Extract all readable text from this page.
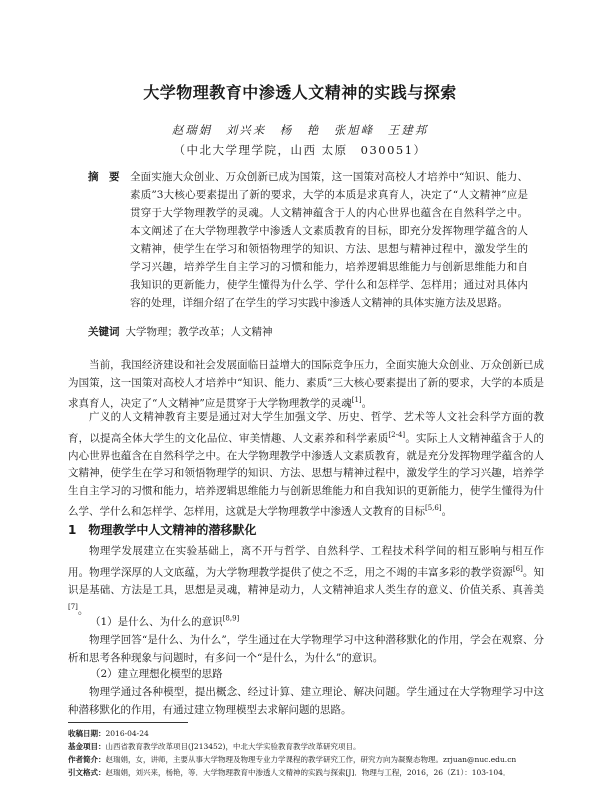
大学物理教育中渗透人文精神的实践与探索
赵瑞娟　刘兴来　杨　艳　张旭峰　王建邦
（中北大学理学院，山西 太原　030051）
摘　要 全面实施大众创业、万众创新已成为国策，这一国策对高校人才培养中“知识、能力、素质”3大核心要素提出了新的要求，大学的本质是求真育人，决定了“人文精神”应是贯穿于大学物理教学的灵魂。人文精神蕴含于人的内心世界也蕴含在自然科学之中。本文阐述了在大学物理教学中渗透人文素质教育的目标，即充分发挥物理学蕴含的人文精神，使学生在学习和领悟物理学的知识、方法、思想与精神过程中，激发学生的学习兴趣，培养学生自主学习的习惯和能力，培养逻辑思维能力与创新思维能力和自我知识的更新能力，使学生懂得为什么学、学什么和怎样学、怎样用；通过对具体内容的处理，详细介绍了在学生的学习实践中渗透人文精神的具体实施方法及思路。
关键词 大学物理；教学改革；人文精神

当前，我国经济建设和社会发展面临日益增大的国际竞争压力，全面实施大众创业、万众创新已成为国策，这一国策对高校人才培养中“知识、能力、素质”三大核心要素提出了新的要求，大学的本质是求真育人，决定了“人文精神”应是贯穿于大学物理教学的灵魂[1]。

广义的人文精神教育主要是通过对大学生加强文学、历史、哲学、艺术等人文社会科学方面的教育，以提高全体大学生的文化品位、审美情趣、人文素养和科学素质[2-4]。实际上人文精神蕴含于人的内心世界也蕴含在自然科学之中。在大学物理教学中渗透人文素质教育，就是充分发挥物理学蕴含的人文精神，使学生在学习和领悟物理学的知识、方法、思想与精神过程中，激发学生的学习兴趣，培养学生自主学习的习惯和能力，培养逻辑思维能力与创新思维能力和自我知识的更新能力，使学生懂得为什么学、学什么和怎样学、怎样用，这就是大学物理教学中渗透人文教育的目标[5,6]。

1　物理教学中人文精神的潜移默化

物理学发展建立在实验基础上，离不开与哲学、自然科学、工程技术科学间的相互影响与相互作用。物理学深厚的人文底蕴，为大学物理教学提供了使之不乏，用之不竭的丰富多彩的教学资源[6]。知识是基础、方法是工具，思想是灵魂，精神是动力，人文精神追求人类生存的意义、价值关系、真善美[7]。

（1）是什么、为什么的意识[8,9]

物理学回答“是什么、为什么”，学生通过在大学物理学习中这种潜移默化的作用，学会在观察、分析和思考各种现象与问题时，有多问一个“是什么，为什么”的意识。

（2）建立理想化模型的思路

物理学通过各种模型，提出概念、经过计算、建立理论、解决问题。学生通过在大学物理学习中这种潜移默化的作用，有通过建立物理模型去求解问题的思路。

收稿日期：2016-04-24
基金项目：山西省教育教学改革项目(J213452)，中北大学实验教育教学改革研究项目。
作者简介：赵瑞娟，女，讲师，主要从事大学物理及物理专业力学课程的教学研究工作，研究方向为凝聚态物理。zrjuan@nuc.edu.cn
引文格式：赵瑞娟，刘兴来，杨艳，等．大学物理教育中渗透人文精神的实践与探索[J]．物理与工程，2016，26（Z1）：103-104．
